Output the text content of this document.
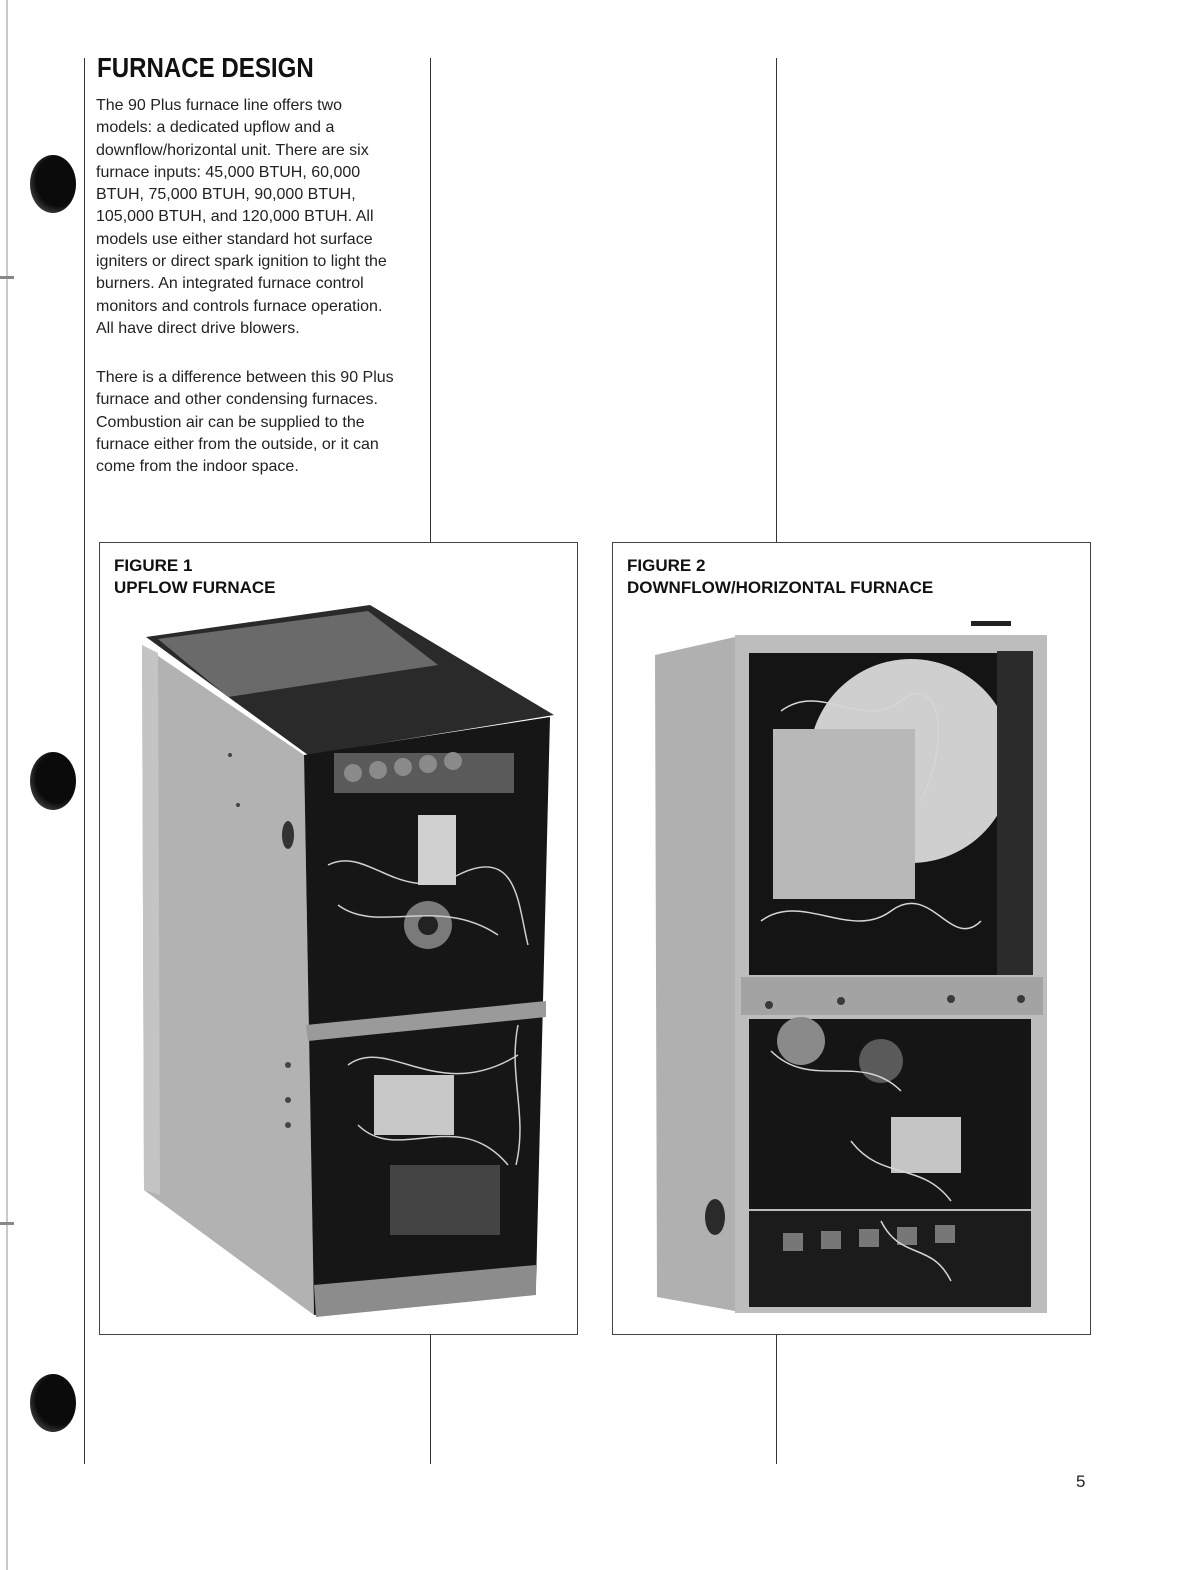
FURNACE DESIGN

The 90 Plus furnace line offers two models: a dedicated upflow and a downflow/horizontal unit. There are six furnace inputs: 45,000 BTUH, 60,000 BTUH, 75,000 BTUH, 90,000 BTUH, 105,000 BTUH, and 120,000 BTUH. All models use either standard hot surface igniters or direct spark ignition to light the burners. An integrated furnace control monitors and controls furnace operation. All have direct drive blowers.

There is a difference between this 90 Plus furnace and other condensing furnaces. Combustion air can be supplied to the furnace either from the outside, or it can come from the indoor space.

FIGURE 1
UPFLOW FURNACE
FIGURE 2
DOWNFLOW/HORIZONTAL FURNACE
5
